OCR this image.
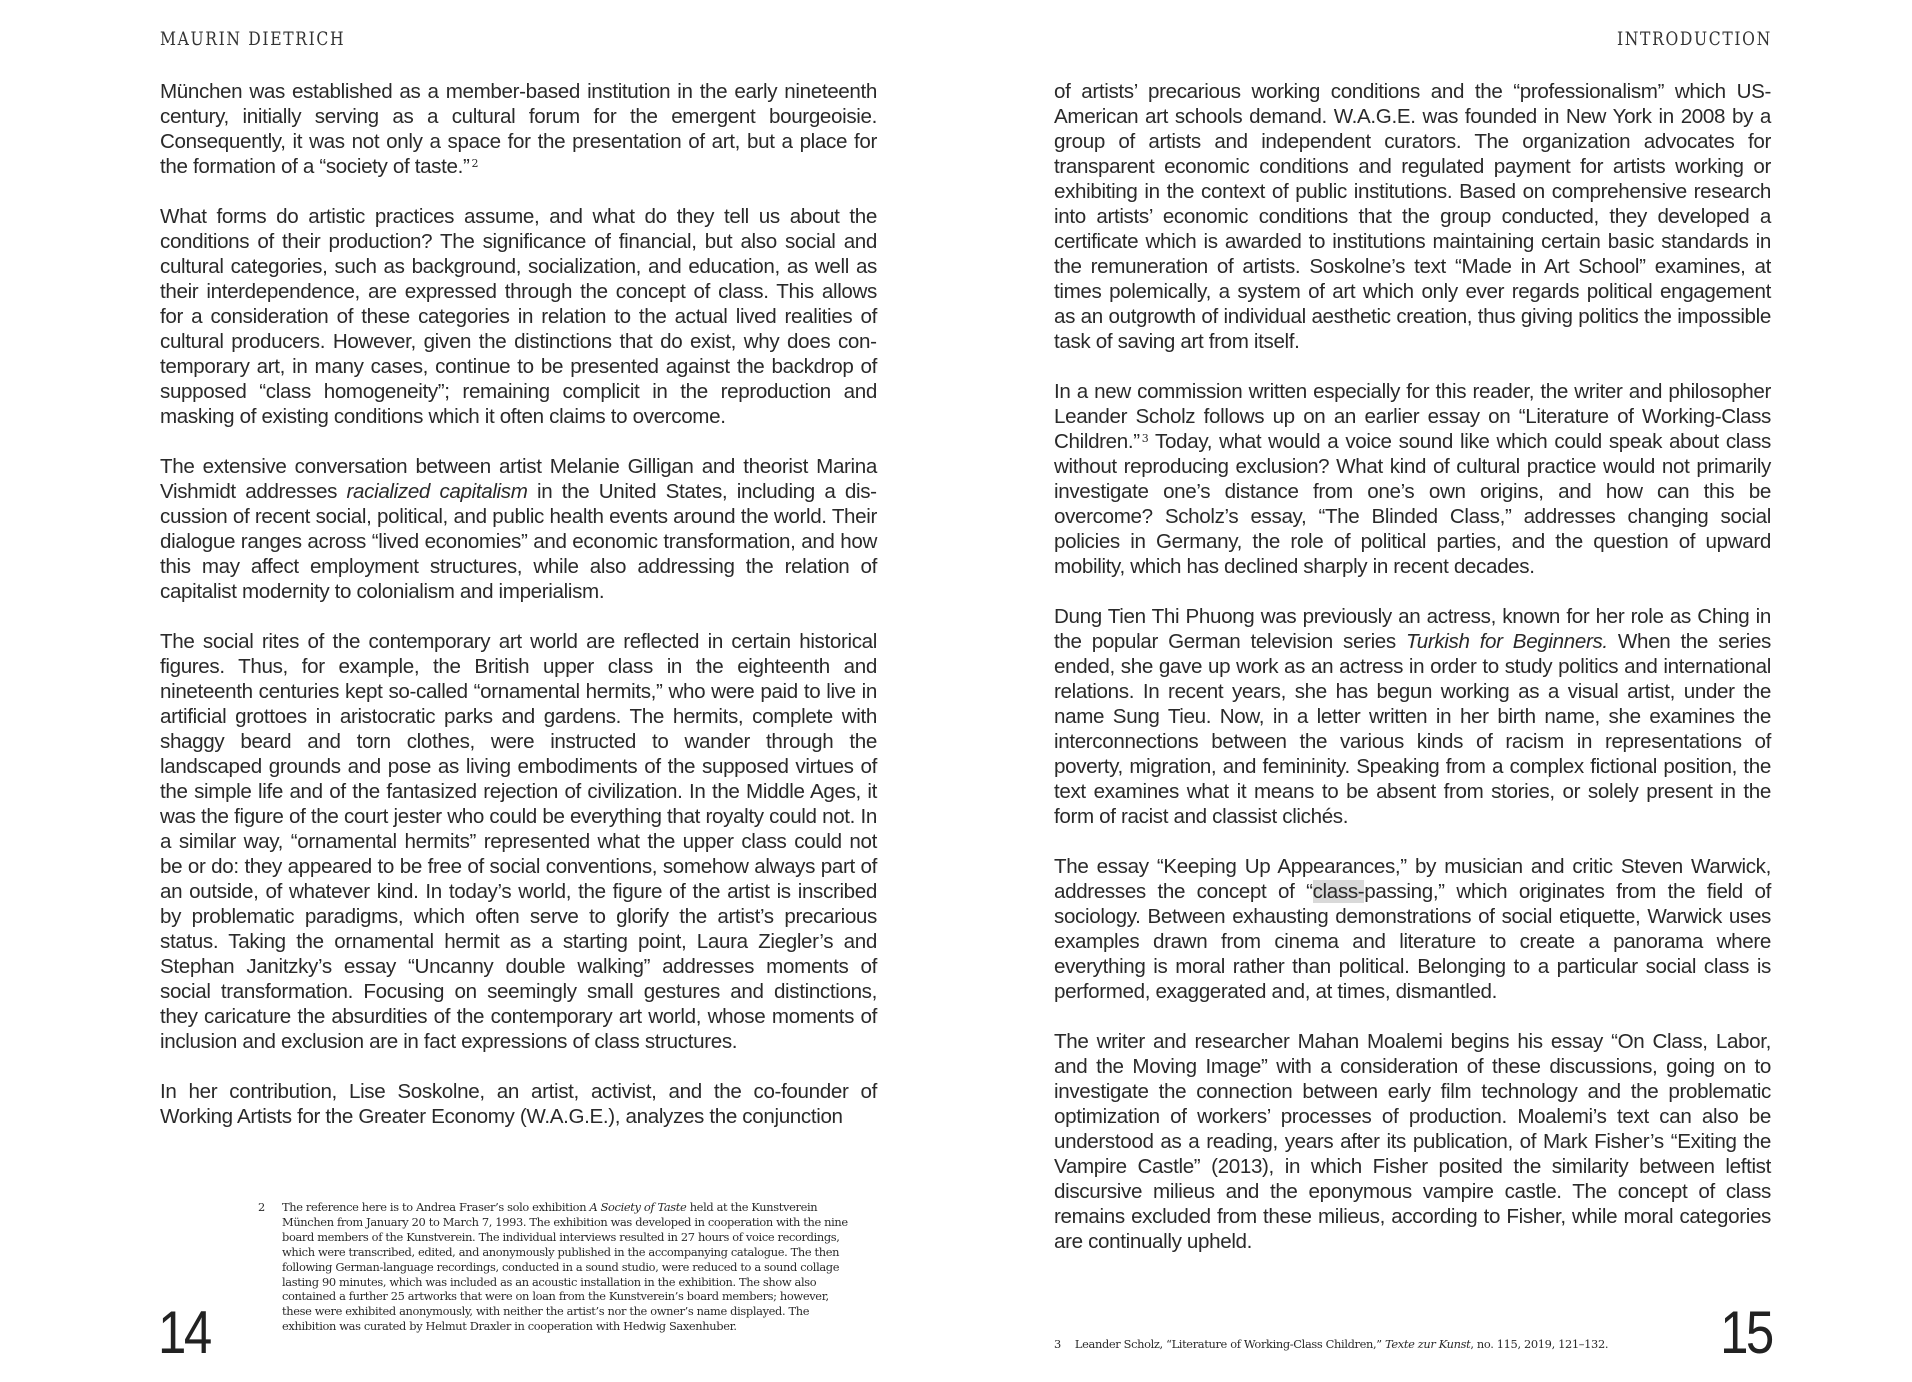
MAURIN DIETRICH

München was established as a member-based institution in the early nineteenth century, initially serving as a cultural forum for the emergent bourgeoisie. Consequently, it was not only a space for the presentation of art, but a place for the formation of a “society of taste.” $^2$

What forms do artistic practices assume, and what do they tell us about the conditions of their production? The significance of financial, but also social and cultural categories, such as background, socialization, and education, as well as their interdependence, are expressed through the concept of class. This allows for a consideration of these categories in relation to the actual lived realities of cultural producers. However, given the distinctions that do exist, why does contemporary art, in many cases, continue to be presented against the backdrop of supposed “class homogeneity”; remaining complicit in the reproduction and masking of existing conditions which it often claims to overcome.

The extensive conversation between artist Melanie Gilligan and theorist Marina Vishmidt addresses racialized capitalism in the United States, including a discussion of recent social, political, and public health events around the world. Their dialogue ranges across “lived economies” and economic transformation, and how this may affect employment structures, while also addressing the relation of capitalist modernity to colonialism and imperialism.

The social rites of the contemporary art world are reflected in certain historical figures. Thus, for example, the British upper class in the eighteenth and nineteenth centuries kept so-called “ornamental hermits,” who were paid to live in artificial grottoes in aristocratic parks and gardens. The hermits, complete with shaggy beard and torn clothes, were instructed to wander through the landscaped grounds and pose as living embodiments of the supposed virtues of the simple life and of the fantasized rejection of civilization. In the Middle Ages, it was the figure of the court jester who could be everything that royalty could not. In a similar way, “ornamental hermits” represented what the upper class could not be or do: they appeared to be free of social conventions, somehow always part of an outside, of whatever kind. In today’s world, the figure of the artist is inscribed by problematic paradigms, which often serve to glorify the artist’s precarious status. Taking the ornamental hermit as a starting point, Laura Ziegler’s and Stephan Janitzky’s essay “Uncanny double walking” addresses moments of social transformation. Focusing on seemingly small gestures and distinctions, they caricature the absurdities of the contemporary art world, whose moments of inclusion and exclusion are in fact expressions of class structures.

In her contribution, Lise Soskolne, an artist, activist, and the co-founder of Working Artists for the Greater Economy (W.A.G.E.), analyzes the conjunction

2 The reference here is to Andrea Fraser’s solo exhibition A Society of Taste held at the Kunstverein München from January 20 to March 7, 1993. The exhibition was developed in cooperation with the nine board members of the Kunstverein. The individual interviews resulted in 27 hours of voice recordings, which were transcribed, edited, and anonymously published in the accompanying catalogue. The then following German-language recordings, conducted in a sound studio, were reduced to a sound collage lasting 90 minutes, which was included as an acoustic installation in the exhibition. The show also contained a further 25 artworks that were on loan from the Kunstverein’s board members; however, these were exhibited anonymously, with neither the artist’s nor the owner’s name displayed. The exhibition was curated by Helmut Draxler in cooperation with Hedwig Saxenhuber.
14
INTRODUCTION

of artists’ precarious working conditions and the “professionalism” which US-American art schools demand. W.A.G.E. was founded in New York in 2008 by a group of artists and independent curators. The organization advocates for transparent economic conditions and regulated payment for artists working or exhibiting in the context of public institutions. Based on comprehensive research into artists’ economic conditions that the group conducted, they developed a certificate which is awarded to institutions maintaining certain basic standards in the remuneration of artists. Soskolne’s text “Made in Art School” examines, at times polemically, a system of art which only ever regards political engagement as an outgrowth of individual aesthetic creation, thus giving politics the impossible task of saving art from itself.

In a new commission written especially for this reader, the writer and philosopher Leander Scholz follows up on an earlier essay on “Literature of Working-Class Children.” $^3$ Today, what would a voice sound like which could speak about class without reproducing exclusion? What kind of cultural practice would not primarily investigate one’s distance from one’s own origins, and how can this be overcome? Scholz’s essay, “The Blinded Class,” addresses changing social policies in Germany, the role of political parties, and the question of upward mobility, which has declined sharply in recent decades.

Dung Tien Thi Phuong was previously an actress, known for her role as Ching in the popular German television series Turkish for Beginners. When the series ended, she gave up work as an actress in order to study politics and international relations. In recent years, she has begun working as a visual artist, under the name Sung Tieu. Now, in a letter written in her birth name, she examines the interconnections between the various kinds of racism in representations of poverty, migration, and femininity. Speaking from a complex fictional position, the text examines what it means to be absent from stories, or solely present in the form of racist and classist clichés.

The essay “Keeping Up Appearances,” by musician and critic Steven Warwick, addresses the concept of “class-passing,” which originates from the field of sociology. Between exhausting demonstrations of social etiquette, Warwick uses examples drawn from cinema and literature to create a panorama where everything is moral rather than political. Belonging to a particular social class is performed, exaggerated and, at times, dismantled.

The writer and researcher Mahan Moalemi begins his essay “On Class, Labor, and the Moving Image” with a consideration of these discussions, going on to investigate the connection between early film technology and the problematic optimization of workers’ processes of production. Moalemi’s text can also be understood as a reading, years after its publication, of Mark Fisher’s “Exiting the Vampire Castle” (2013), in which Fisher posited the similarity between leftist discursive milieus and the eponymous vampire castle. The concept of class remains excluded from these milieus, according to Fisher, while moral categories are continually upheld.

3 Leander Scholz, “Literature of Working-Class Children,” Texte zur Kunst, no. 115, 2019, 121–132.	15
